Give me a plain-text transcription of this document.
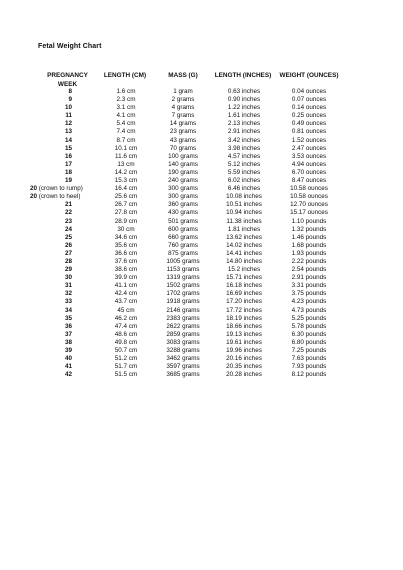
Fetal Weight Chart
PREGNANCY
WEEK
LENGTH (CM)	MASS (G)	LENGTH (INCHES)	WEIGHT (OUNCES)
8	1.6 cm	1 gram	0.63 inches	0.04 ounces
9	2.3 cm	2 grams	0.90 inches	0.07 ounces
10	3.1 cm	4 grams	1.22 inches	0.14 ounces
11	4.1 cm	7 grams	1.61 inches	0.25 ounces
12	5.4 cm	14 grams	2.13 inches	0.49 ounces
13	7.4 cm	23 grams	2.91 inches	0.81 ounces
14	8.7 cm	43 grams	3.42 inches	1.52 ounces
15	10.1 cm	70 grams	3.98 inches	2.47 ounces
16	11.6 cm	100 grams	4.57 inches	3.53 ounces
17	13 cm	140 grams	5.12 inches	4.94 ounces
18	14.2 cm	190 grams	5.59 inches	6.70 ounces
19	15.3 cm	240 grams	6.02 inches	8.47 ounces
20 (crown to rump)	16.4 cm	300 grams	6.46 inches	10.58 ounces
20 (crown to heel)	25.6 cm	300 grams	10.08 inches	10.58 ounces
21	26.7 cm	360 grams	10.51 inches	12.70 ounces
22	27.8 cm	430 grams	10.94 inches	15.17 ounces
23	28.9 cm	501 grams	11.38 inches	1.10 pounds
24	30 cm	600 grams	1.81 inches	1.32 pounds
25	34.6 cm	660 grams	13.62 inches	1.46 pounds
26	35.6 cm	760 grams	14.02 inches	1.68 pounds
27	36.6 cm	875 grams	14.41 inches	1.93 pounds
28	37.6 cm	1005 grams	14.80 inches	2.22 pounds
29	38.6 cm	1153 grams	15.2 inches	2.54 pounds
30	39.9 cm	1319 grams	15.71 inches	2.91 pounds
31	41.1 cm	1502 grams	16.18 inches	3.31 pounds
32	42.4 cm	1702 grams	16.69 inches	3.75 pounds
33	43.7 cm	1918 grams	17.20 inches	4.23 pounds
34	45 cm	2146 grams	17.72 inches	4.73 pounds
35	46.2 cm	2383 grams	18.19 inches	5.25 pounds
36	47.4 cm	2622 grams	18.66 inches	5.78 pounds
37	48.6 cm	2859 grams	19.13 inches	6.30 pounds
38	49.8 cm	3083 grams	19.61 inches	6.80 pounds
39	50.7 cm	3288 grams	19.96 inches	7.25 pounds
40	51.2 cm	3462 grams	20.16 inches	7.63 pounds
41	51.7 cm	3597 grams	20.35 inches	7.93 pounds
42	51.5 cm	3685 grams	20.28 inches	8.12 pounds
